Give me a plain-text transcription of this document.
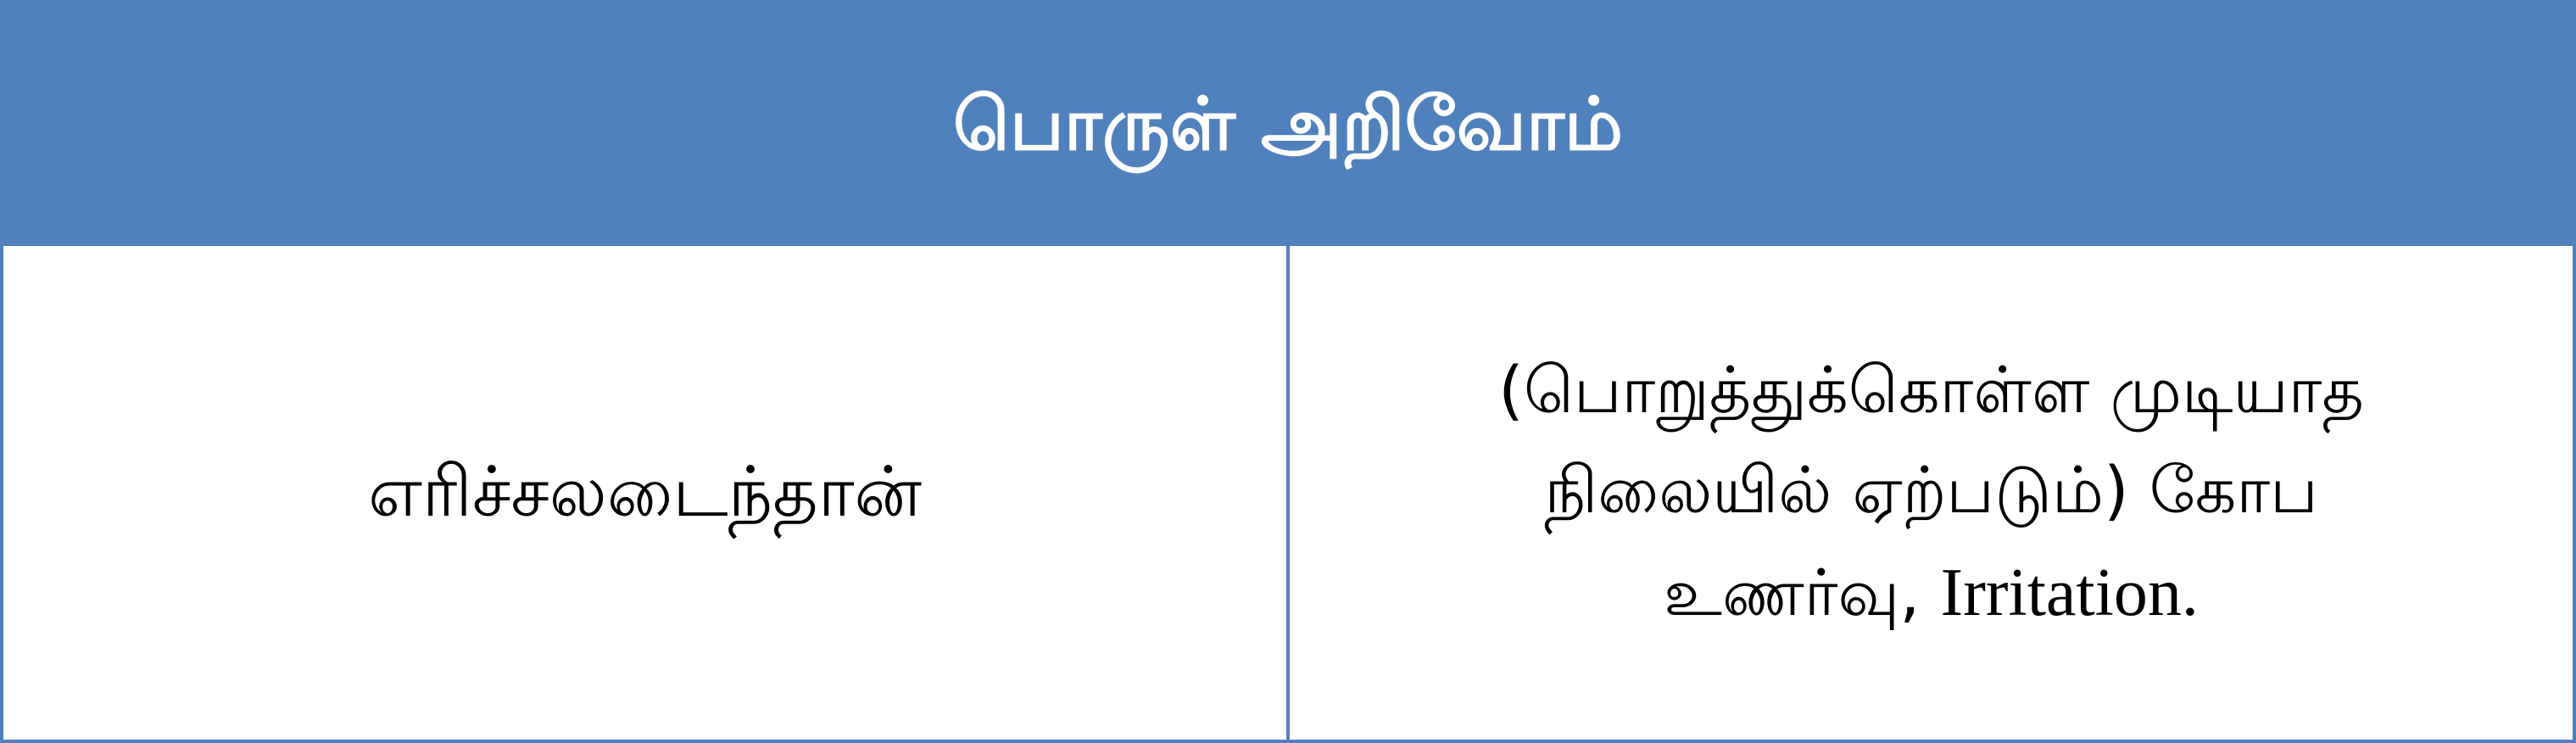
பொருள் அறிவோம்
எரிச்சலடைந்தான்
(பொறுத்துக்கொள்ள முடியாத
நிலையில் ஏற்படும்) கோப
உணர்வு, Irritation.
